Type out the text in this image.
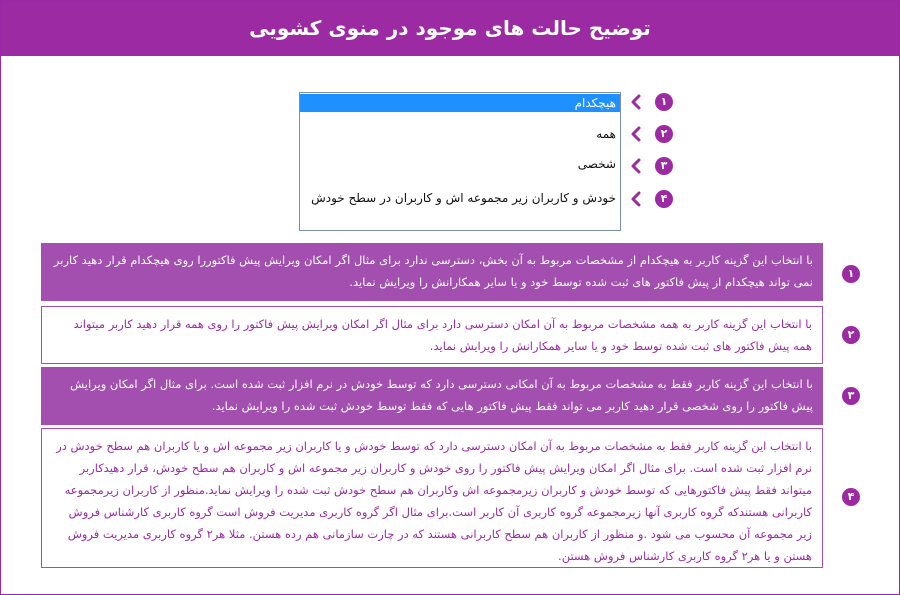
توضیح حالت های موجود در منوی کشویی
هیچکدام
همه
شخصی
خودش و کاربران زیر مجموعه اش و کاربران در سطح خودش
۱
۲
۳
۴
با انتخاب این گزینه کاربر به هیچکدام از مشخصات مربوط به آن بخش، دسترسی ندارد برای مثال اگر امکان ویرایش پیش فاکتوررا روی هیچکدام قرار دهید کاربر نمی تواند هیچکدام از پیش فاکتور های ثبت شده توسط خود و یا سایر همکارانش را ویرایش نماید.
۱
با انتخاب این گزینه کاربر به همه مشخصات مربوط به آن امکان دسترسی دارد برای مثال اگر امکان ویرایش پیش فاکتور را روی همه قرار دهید کاربر میتواند همه پیش فاکتور های ثبت شده توسط خود و یا سایر همکارانش را ویرایش نماید.
۲
با انتخاب این گزینه کاربر فقط به مشخصات مربوط به آن امکانی دسترسی دارد که توسط خودش در نرم افزار ثبت شده است. برای مثال اگر امکان ویرایش پیش فاکتور را روی شخصی قرار دهید کاربر می تواند فقط پیش فاکتور هایی که فقط توسط خودش ثبت شده را ویرایش نماید.
۳
با انتخاب این گزینه کاربر فقط به مشخصات مربوط به آن امکان دسترسی دارد که توسط خودش و یا کاربران زیر مجموعه اش و یا کاربران هم سطح خودش در نرم افزار ثبت شده است. برای مثال اگر امکان ویرایش پیش فاکتور را روی خودش و کاربران زیر مجموعه اش و کاربران هم سطح خودش، قرار دهیدکاربر میتواند فقط پیش فاکتورهایی که توسط خودش و کاربران زیرمجموعه اش وکاربران هم سطح خودش ثبت شده را ویرایش نماید.منظور از کاربران زیرمجموعه کاربرانی هستندکه گروه کاربری آنها زیرمجموعه گروه کاربری آن کاربر است.برای مثال اگر گروه کاربری مدیریت فروش است گروه کاربری کارشناس فروش زیر مجموعه آن محسوب می شود .و منظور از کاربران هم سطح کاربرانی هستند که در چارت سازمانی هم رده هستن. مثلا هر۲ گروه کاربری مدیریت فروش هستن و یا هر۲ گروه کاربری کارشناس فروش هستن.
۴
